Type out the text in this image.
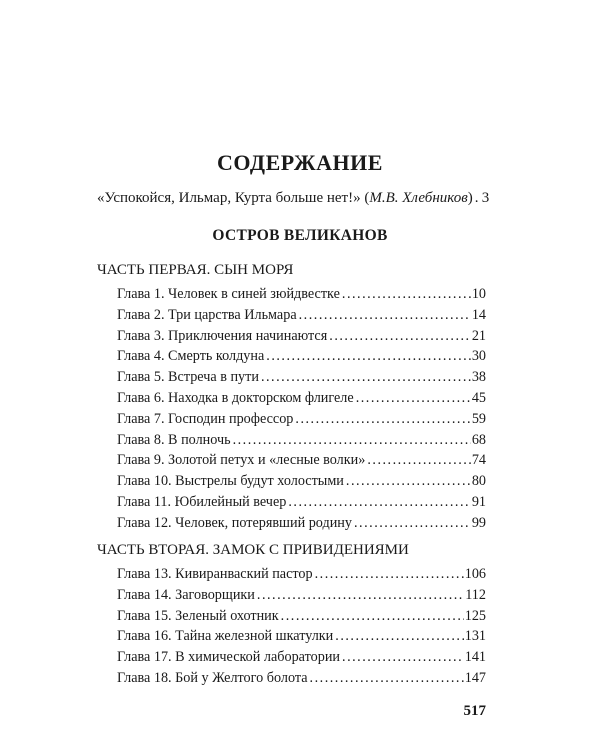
СОДЕРЖАНИЕ
«Успокойся, Ильмар, Курта больше нет!» (М.В. Хлебников) ..... 3
ОСТРОВ ВЕЛИКАНОВ
ЧАСТЬ ПЕРВАЯ. СЫН МОРЯ
Глава 1. Человек в синей зюйдвестке .....	10
Глава 2. Три царства Ильмара .....	14
Глава 3. Приключения начинаются .....	21
Глава 4. Смерть колдуна .....	30
Глава 5. Встреча в пути .....	38
Глава 6. Находка в докторском флигеле .....	45
Глава 7. Господин профессор .....	59
Глава 8. В полночь .....	68
Глава 9. Золотой петух и «лесные волки» .....	74
Глава 10. Выстрелы будут холостыми .....	80
Глава 11. Юбилейный вечер .....	91
Глава 12. Человек, потерявший родину .....	99
ЧАСТЬ ВТОРАЯ. ЗАМОК С ПРИВИДЕНИЯМИ
Глава 13. Кивиранваский пастор .....	106
Глава 14. Заговорщики .....	112
Глава 15. Зеленый охотник .....	125
Глава 16. Тайна железной шкатулки .....	131
Глава 17. В химической лаборатории .....	141
Глава 18. Бой у Желтого болота .....	147
517
